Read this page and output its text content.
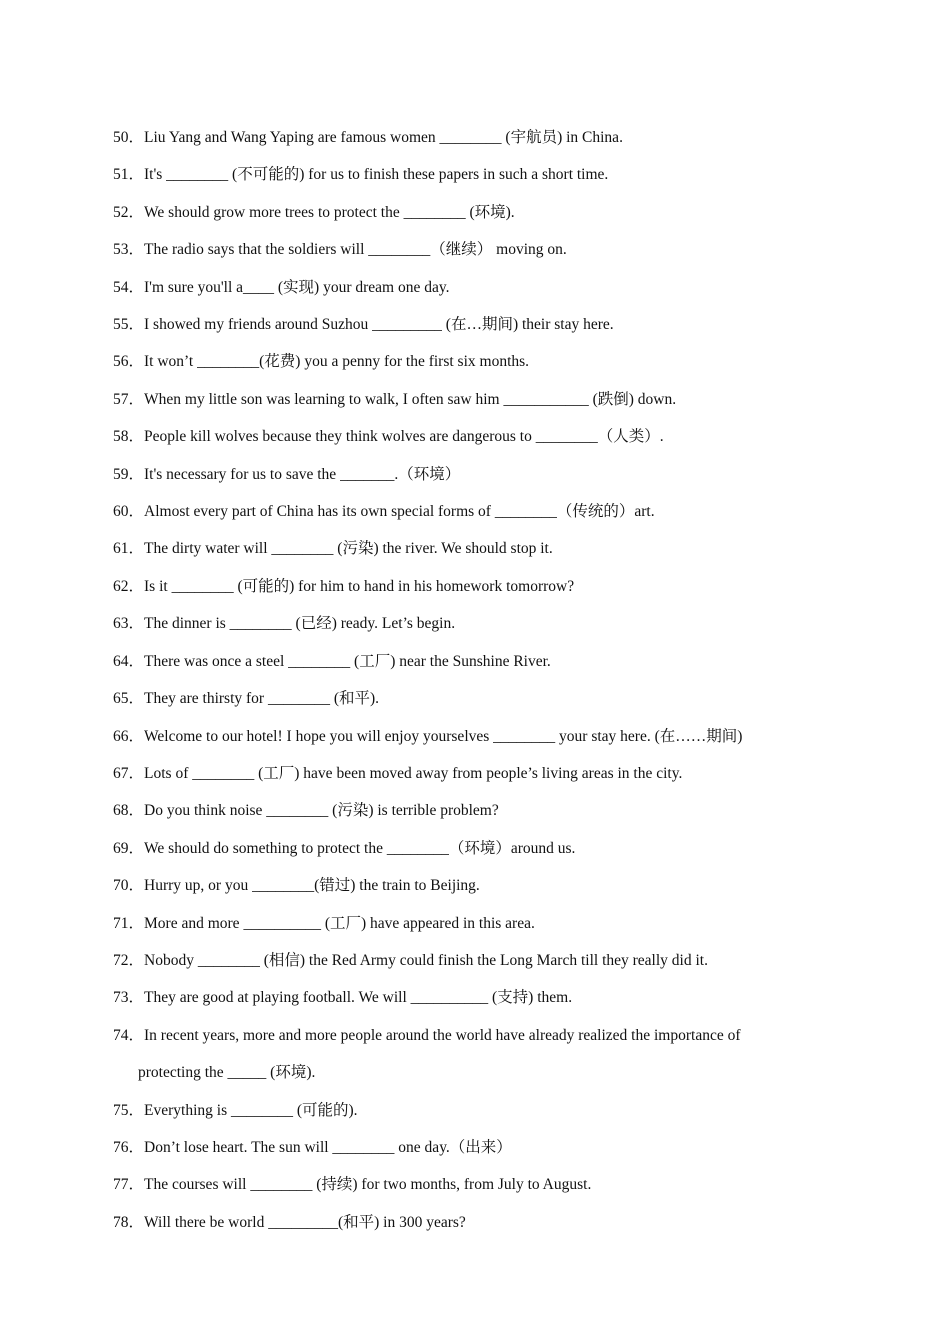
50．Liu Yang and Wang Yaping are famous women ________ (宇航员) in China.
51．It's ________ (不可能的) for us to finish these papers in such a short time.
52．We should grow more trees to protect the ________ (环境).
53．The radio says that the soldiers will ________（继续） moving on.
54．I'm sure you'll a____ (实现) your dream one day.
55．I showed my friends around Suzhou _________ (在…期间) their stay here.
56．It won’t ________(花费) you a penny for the first six months.
57．When my little son was learning to walk, I often saw him ___________ (跌倒) down.
58．People kill wolves because they think wolves are dangerous to ________（人类）.
59．It's necessary for us to save the _______.（环境）
60．Almost every part of China has its own special forms of ________（传统的）art.
61．The dirty water will ________ (污染) the river. We should stop it.
62．Is it ________ (可能的) for him to hand in his homework tomorrow?
63．The dinner is ________ (已经) ready. Let’s begin.
64．There was once a steel ________ (工厂) near the Sunshine River.
65．They are thirsty for ________ (和平).
66．Welcome to our hotel! I hope you will enjoy yourselves ________ your stay here. (在……期间)
67．Lots of ________ (工厂) have been moved away from people’s living areas in the city.
68．Do you think noise ________ (污染) is terrible problem?
69．We should do something to protect the ________（环境）around us.
70．Hurry up, or you ________(错过) the train to Beijing.
71．More and more __________ (工厂) have appeared in this area.
72．Nobody ________ (相信) the Red Army could finish the Long March till they really did it.
73．They are good at playing football. We will __________ (支持) them.
74．In recent years, more and more people around the world have already realized the importance of
protecting the _____ (环境).
75．Everything is ________ (可能的).
76．Don’t lose heart. The sun will ________ one day.（出来）
77．The courses will ________ (持续) for two months, from July to August.
78．Will there be world _________(和平) in 300 years?
